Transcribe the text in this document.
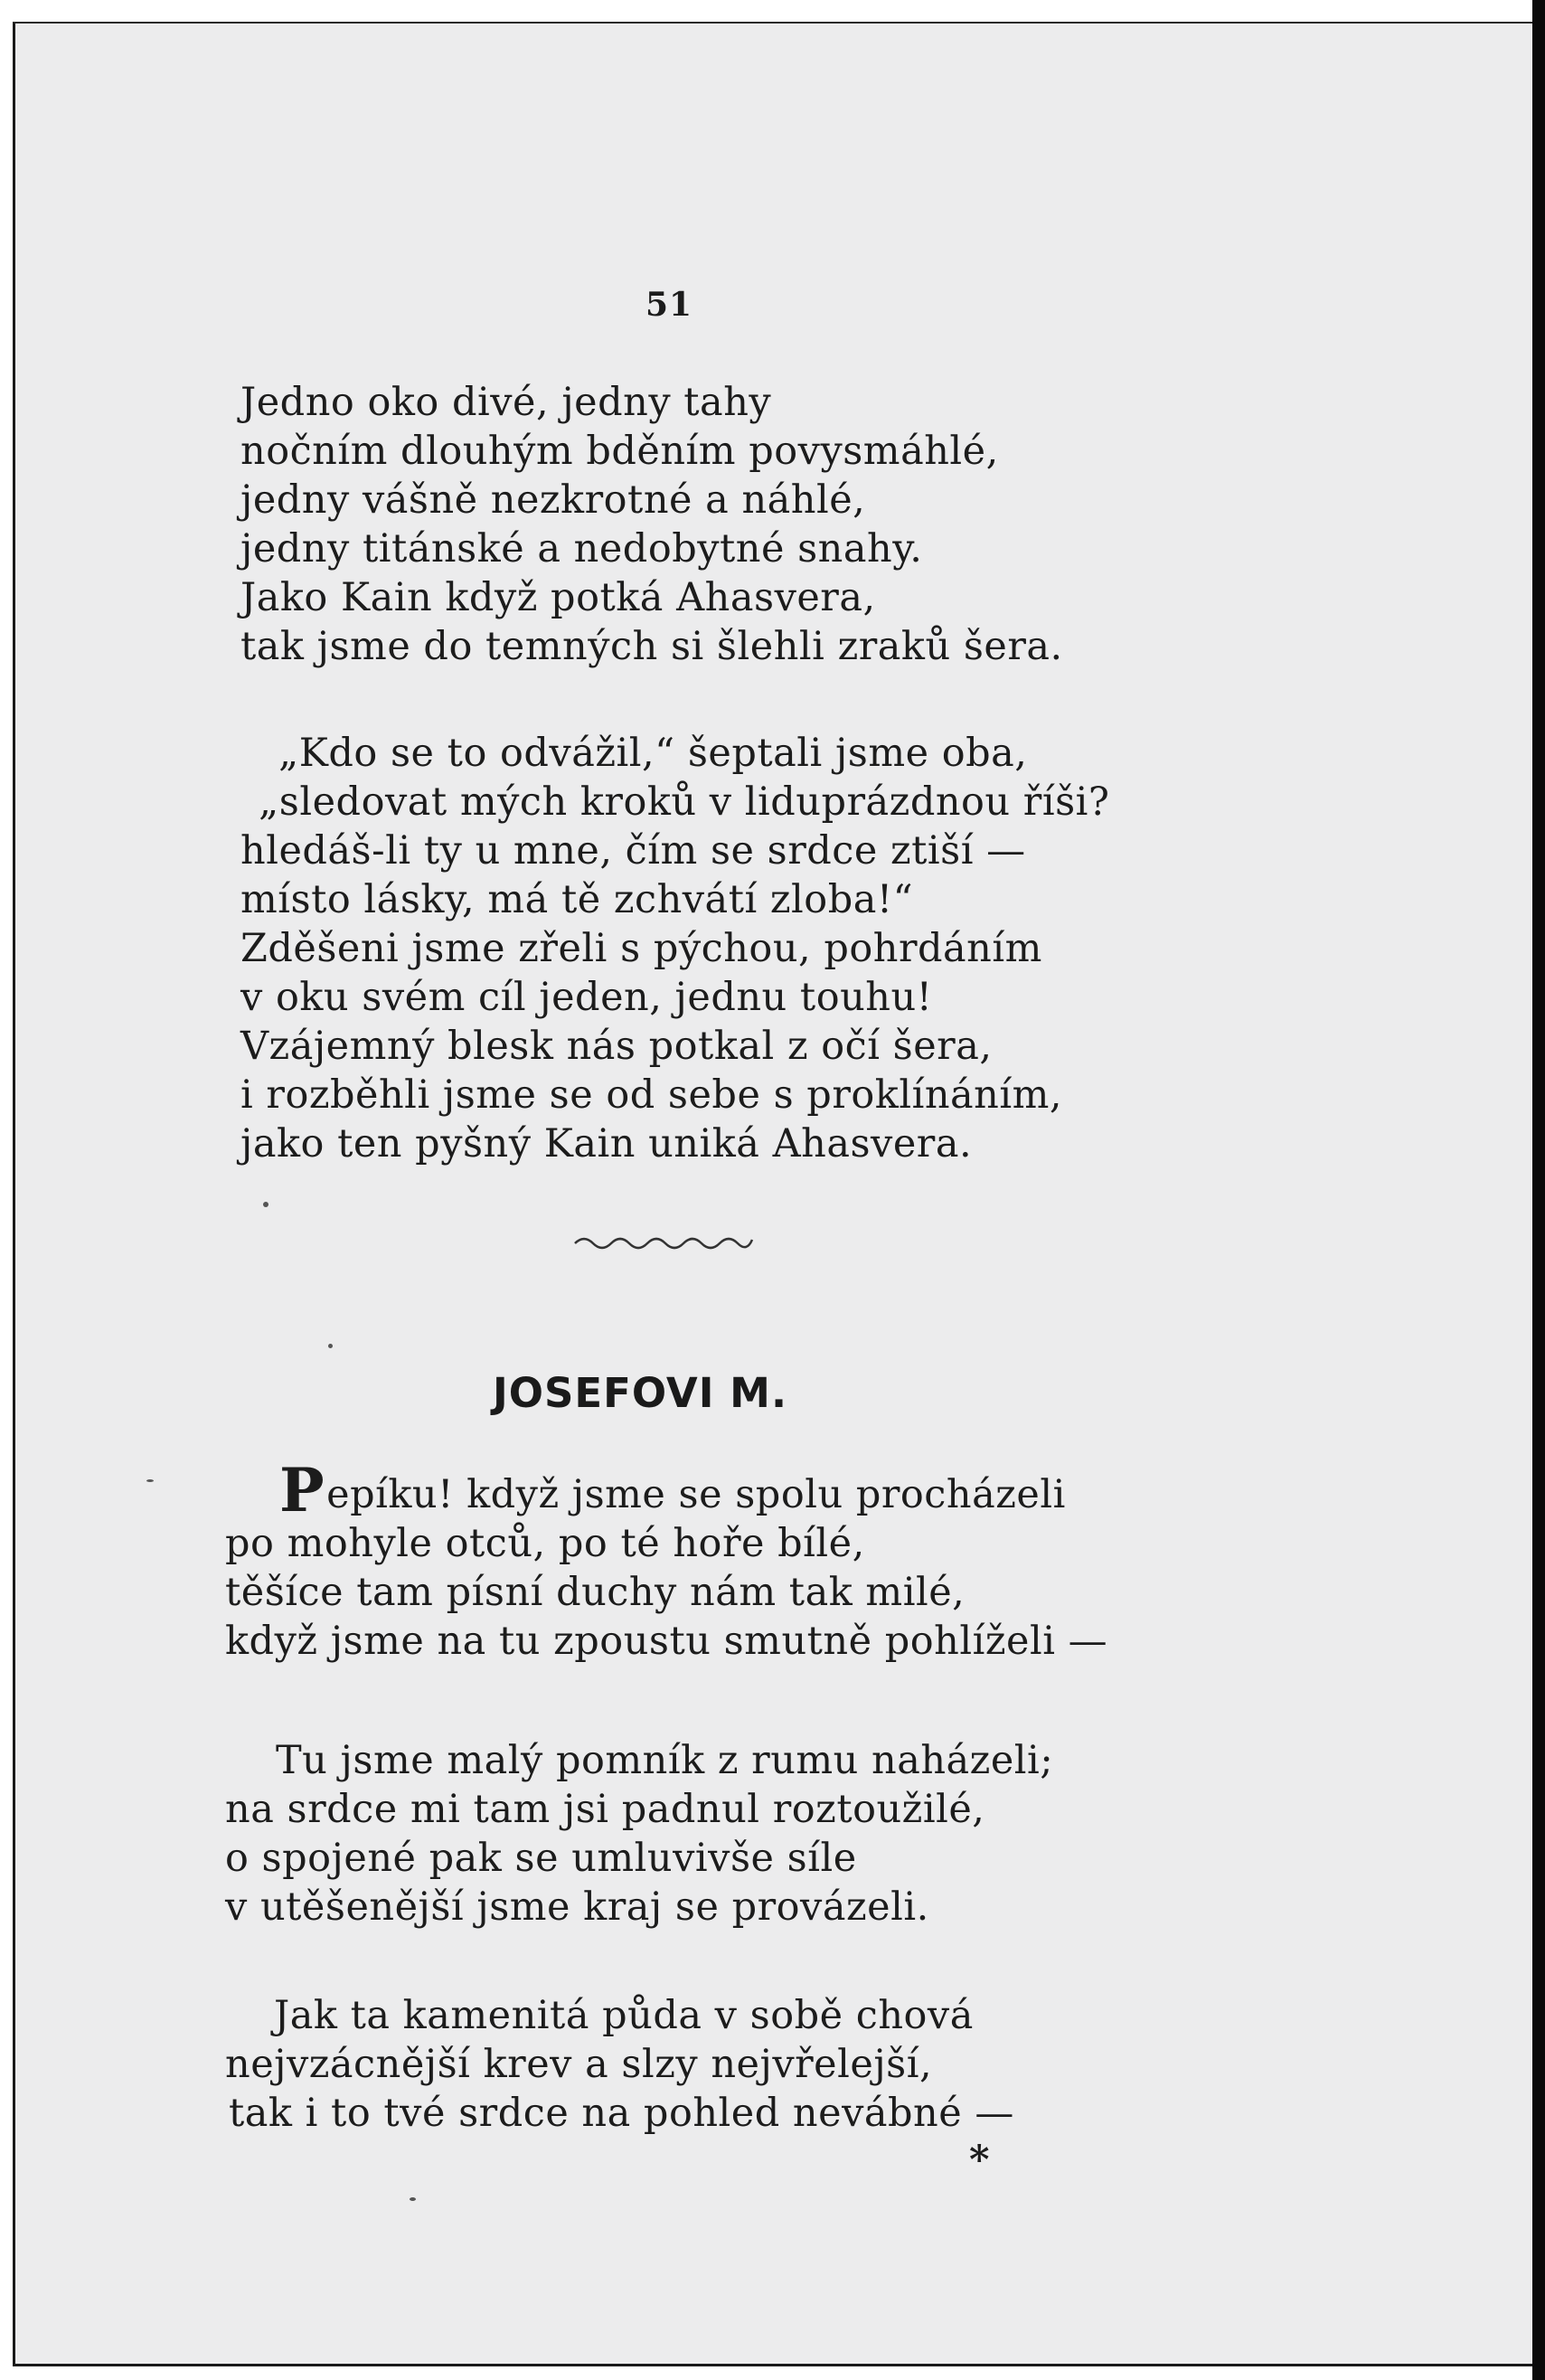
51
Jedno oko divé, jedny tahy
nočním dlouhým bděním povysmáhlé,
jedny vášně nezkrotné a náhlé,
jedny titánské a nedobytné snahy.
Jako Kain když potká Ahasvera,
tak jsme do temných si šlehli zraků šera.
„Kdo se to odvážil,“ šeptali jsme oba,
„sledovat mých kroků v liduprázdnou říši?
hledáš-li ty u mne, čím se srdce ztiší —
místo lásky, má tě zchvátí zloba!“
Zděšeni jsme zřeli s pýchou, pohrdáním
v oku svém cíl jeden, jednu touhu!
Vzájemný blesk nás potkal z očí šera,
i rozběhli jsme se od sebe s proklínáním,
jako ten pyšný Kain uniká Ahasvera.
JOSEFOVI M.
Pepíku! když jsme se spolu procházeli
po mohyle otců, po té hoře bílé,
těšíce tam písní duchy nám tak milé,
když jsme na tu zpoustu smutně pohlíželi —
Tu jsme malý pomník z rumu naházeli;
na srdce mi tam jsi padnul roztoužilé,
o spojené pak se umluvivše síle
v utěšenější jsme kraj se provázeli.
Jak ta kamenitá půda v sobě chová
nejvzácnější krev a slzy nejvřelejší,
tak i to tvé srdce na pohled nevábné —
*
